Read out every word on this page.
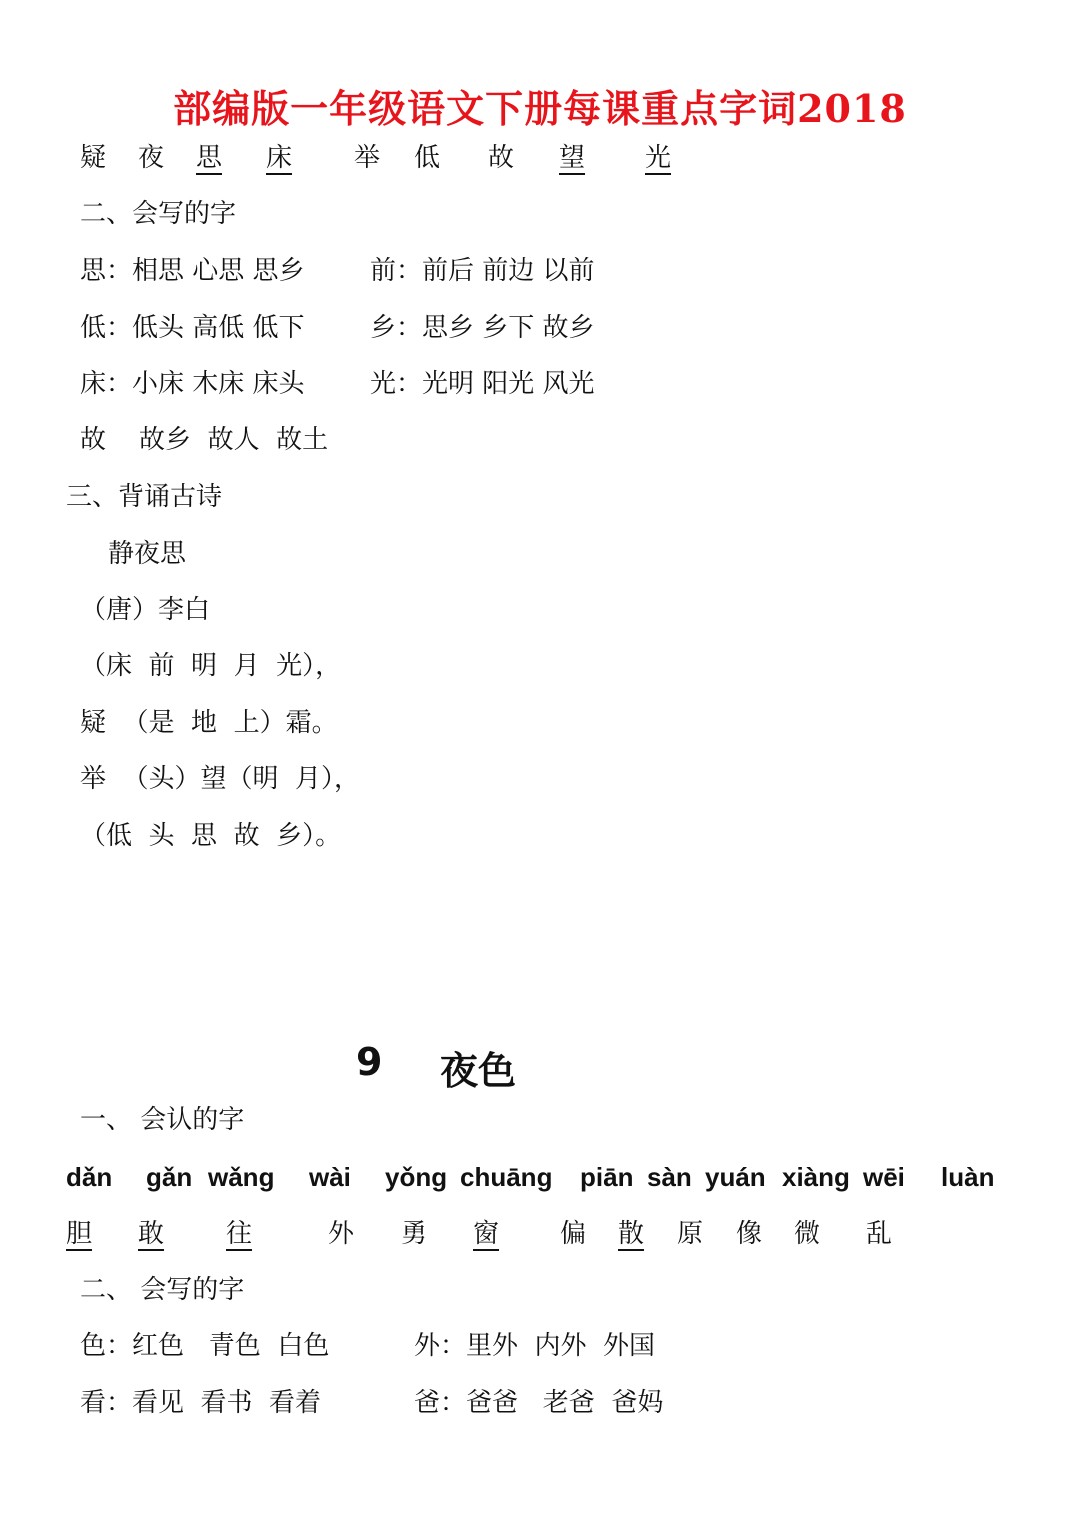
部编版一年级语文下册每课重点字词2018
疑 夜 思	床 举 低 故 望 光
二、会写的字
思：相思 心思 思乡	前：前后 前边 以前
低：低头 高低 低下	乡：思乡 乡下 故乡
床：小床 木床 床头	光：光明 阳光 风光
故    故乡  故人  故土
三、背诵古诗
静夜思
（唐）李白
（床  前  明  月  光），
疑  （是  地  上）霜。
举  （头）望（明  月），
（低  头  思  故  乡）。
9 夜色
一、 会认的字
dǎn gǎn wǎng wài yǒng chuāng piān sàn yuán xiàng wēi luàn
胆 敢 往	外 勇 窗 偏 散 原 像 微 乱
二、 会写的字
色：红色   青色  白色	外：里外  内外  外国
看：看见  看书  看着	爸：爸爸   老爸  爸妈
